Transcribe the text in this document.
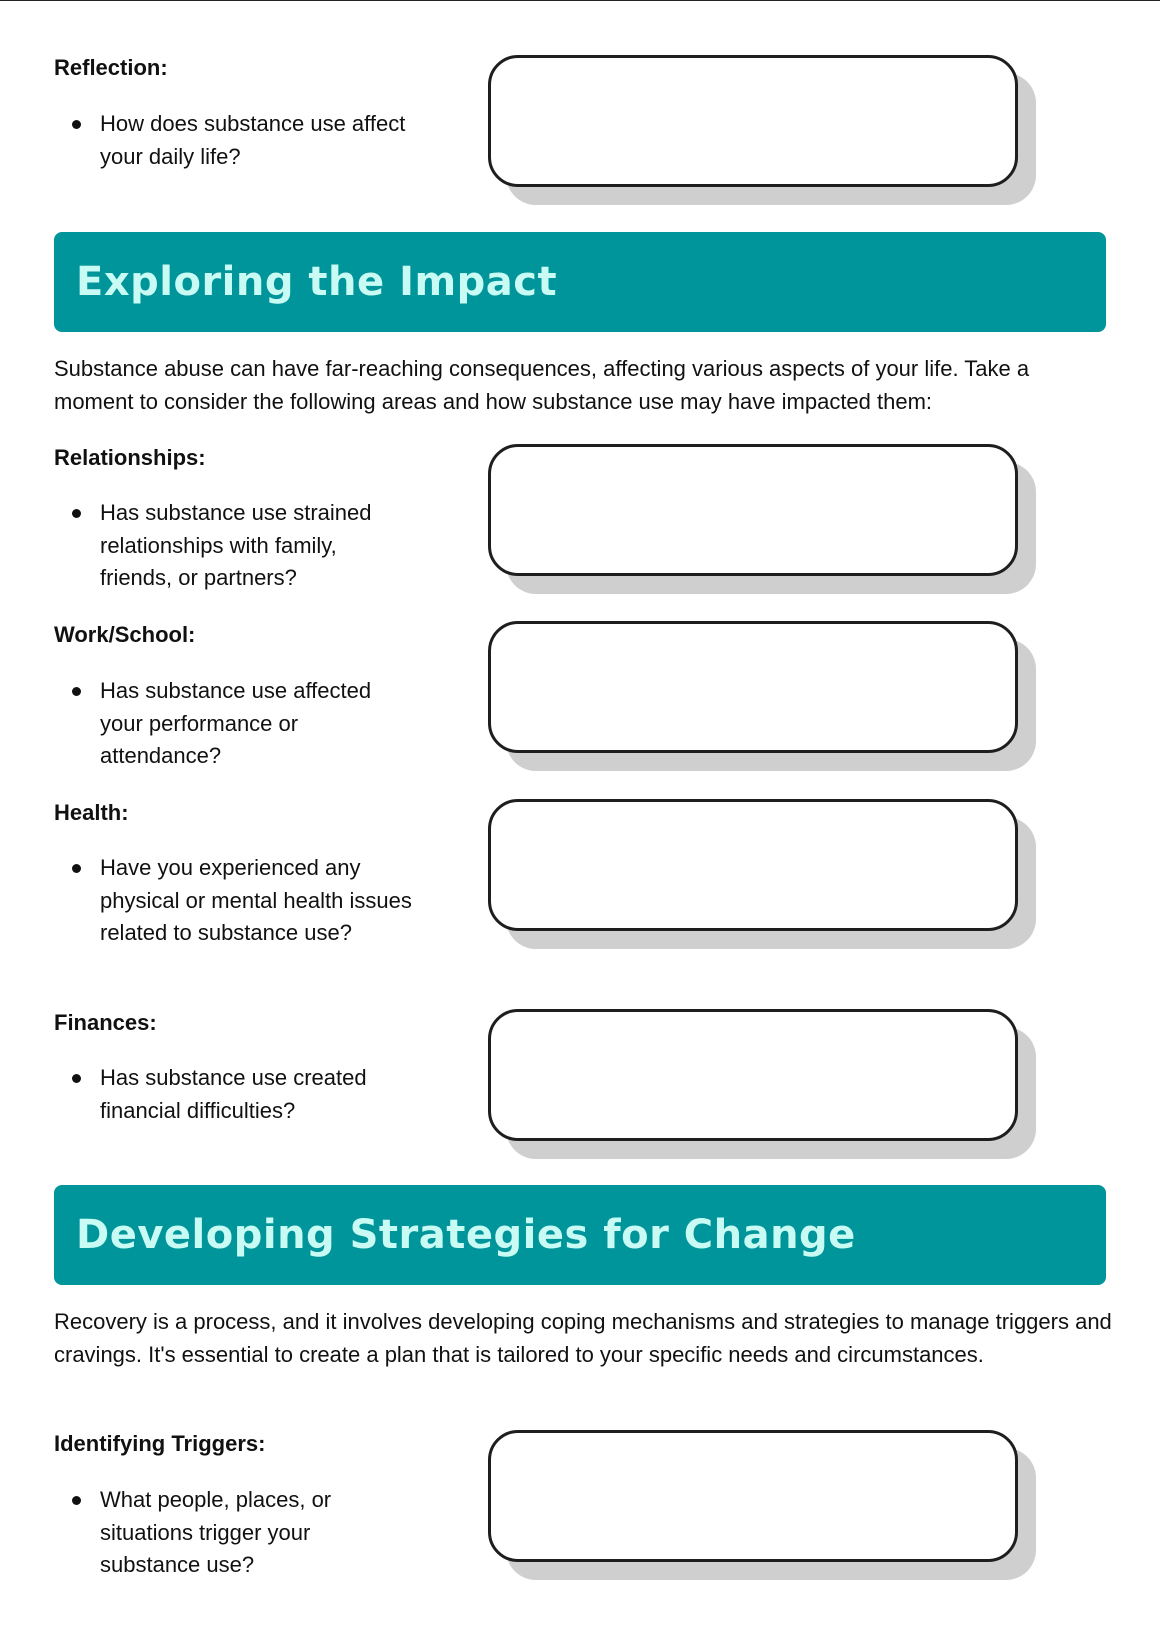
Reflection:

How does substance use affect your daily life?
Exploring the Impact

Substance abuse can have far-reaching consequences, affecting various aspects of your life. Take a moment to consider the following areas and how substance use may have impacted them:

Relationships:

Has substance use strained relationships with family, friends, or partners?

Work/School:

Has substance use affected your performance or attendance?

Health:

Have you experienced any physical or mental health issues related to substance use?

Finances:

Has substance use created financial difficulties?
Developing Strategies for Change

Recovery is a process, and it involves developing coping mechanisms and strategies to manage triggers and cravings. It's essential to create a plan that is tailored to your specific needs and circumstances.

Identifying Triggers:

What people, places, or situations trigger your substance use?
